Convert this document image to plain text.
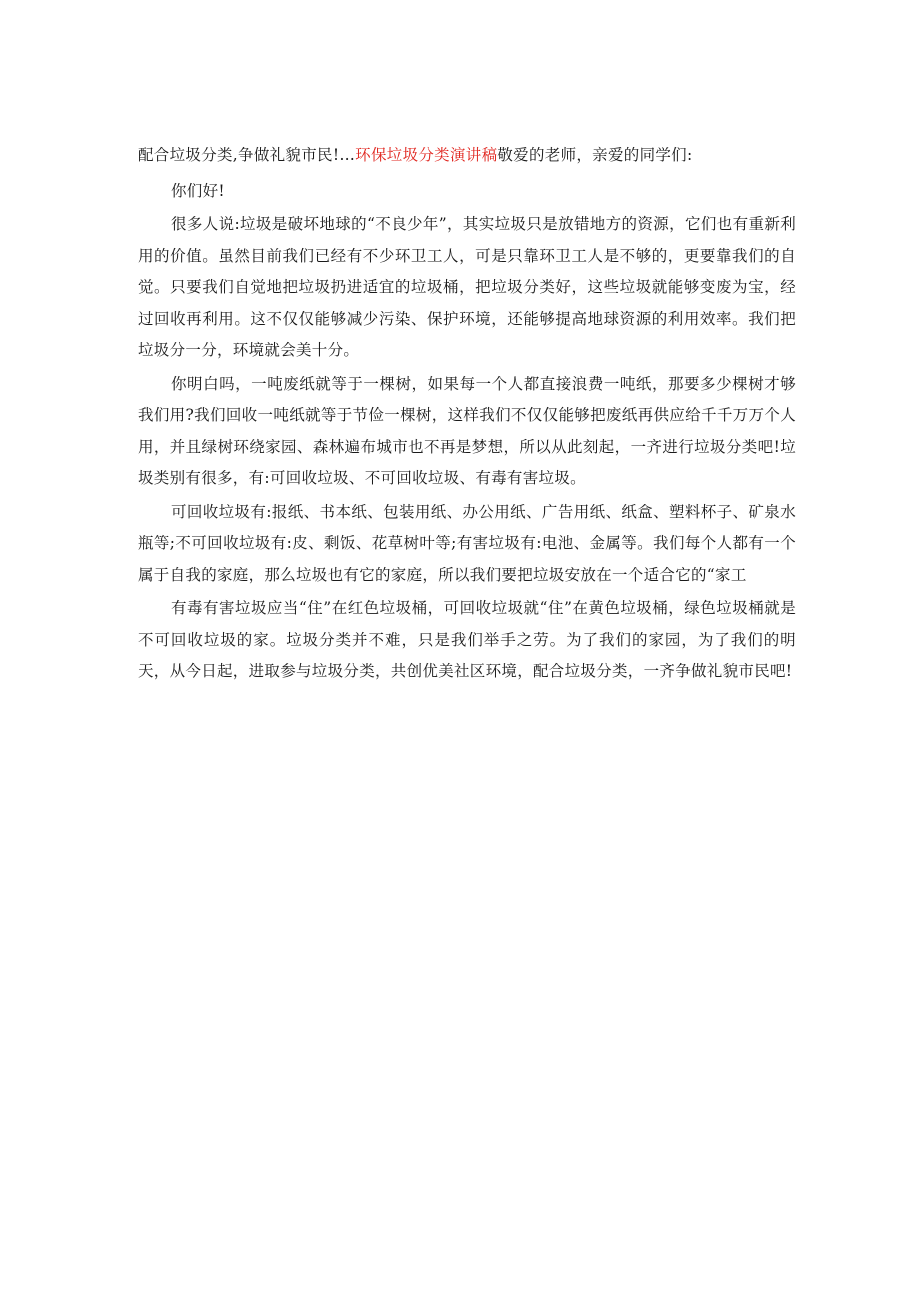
配合垃圾分类,争做礼貌市民!…环保垃圾分类演讲稿敬爱的老师，亲爱的同学们:

你们好!

很多人说:垃圾是破坏地球的“不良少年”，其实垃圾只是放错地方的资源，它们也有重新利用的价值。虽然目前我们已经有不少环卫工人，可是只靠环卫工人是不够的，更要靠我们的自觉。只要我们自觉地把垃圾扔进适宜的垃圾桶，把垃圾分类好，这些垃圾就能够变废为宝，经过回收再利用。这不仅仅能够减少污染、保护环境，还能够提高地球资源的利用效率。我们把垃圾分一分，环境就会美十分。

你明白吗，一吨废纸就等于一棵树，如果每一个人都直接浪费一吨纸，那要多少棵树才够我们用?我们回收一吨纸就等于节俭一棵树，这样我们不仅仅能够把废纸再供应给千千万万个人用，并且绿树环绕家园、森林遍布城市也不再是梦想，所以从此刻起，一齐进行垃圾分类吧!垃圾类别有很多，有:可回收垃圾、不可回收垃圾、有毒有害垃圾。

可回收垃圾有:报纸、书本纸、包装用纸、办公用纸、广告用纸、纸盒、塑料杯子、矿泉水瓶等;不可回收垃圾有:皮、剩饭、花草树叶等;有害垃圾有:电池、金属等。我们每个人都有一个属于自我的家庭，那么垃圾也有它的家庭，所以我们要把垃圾安放在一个适合它的“家工

有毒有害垃圾应当“住”在红色垃圾桶，可回收垃圾就“住”在黄色垃圾桶，绿色垃圾桶就是不可回收垃圾的家。垃圾分类并不难，只是我们举手之劳。为了我们的家园，为了我们的明天，从今日起，进取参与垃圾分类，共创优美社区环境，配合垃圾分类，一齐争做礼貌市民吧!
